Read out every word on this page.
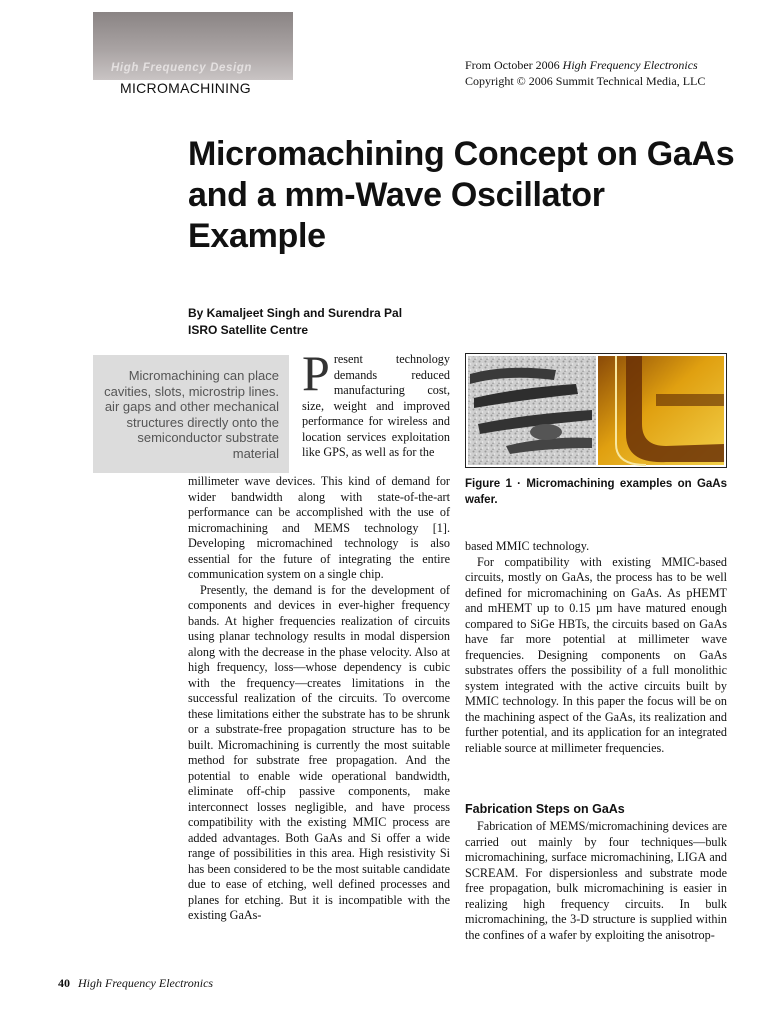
High Frequency Design
MICROMACHINING
From October 2006 High Frequency Electronics
Copyright © 2006 Summit Technical Media, LLC
Micromachining Concept on GaAs and a mm-Wave Oscillator Example
By Kamaljeet Singh and Surendra Pal
ISRO Satellite Centre
Micromachining can place cavities, slots, microstrip lines. air gaps and other mechanical structures directly onto the semiconductor substrate material
Present technology demands reduced manufacturing cost, size, weight and improved performance for wireless and location services exploitation like GPS, as well as for the

millimeter wave devices. This kind of demand for wider bandwidth along with state-of-the-art performance can be accomplished with the use of micromachining and MEMS technology [1]. Developing micromachined technology is also essential for the future of integrating the entire communication system on a single chip.

Presently, the demand is for the development of components and devices in ever-higher frequency bands. At higher frequencies realization of circuits using planar technology results in modal dispersion along with the decrease in the phase velocity. Also at high frequency, loss—whose dependency is cubic with the frequency—creates limitations in the successful realization of the circuits. To overcome these limitations either the substrate has to be shrunk or a substrate-free propagation structure has to be built. Micromachining is currently the most suitable method for substrate free propagation. And the potential to enable wide operational bandwidth, eliminate off-chip passive components, make interconnect losses negligible, and have process compatibility with the existing MMIC process are added advantages. Both GaAs and Si offer a wide range of possibilities in this area. High resistivity Si has been considered to be the most suitable candidate due to ease of etching, well defined processes and planes for etching. But it is incompatible with the existing GaAs-

Figure 1 · Micromachining examples on GaAs wafer.

based MMIC technology.

For compatibility with existing MMIC-based circuits, mostly on GaAs, the process has to be well defined for micromachining on GaAs. As pHEMT and mHEMT up to 0.15 µm have matured enough compared to SiGe HBTs, the circuits based on GaAs have far more potential at millimeter wave frequencies. Designing components on GaAs substrates offers the possibility of a full monolithic system integrated with the active circuits built by MMIC technology. In this paper the focus will be on the machining aspect of the GaAs, its realization and further potential, and its application for an integrated reliable source at millimeter frequencies.

Fabrication Steps on GaAs

Fabrication of MEMS/micromachining devices are carried out mainly by four techniques—bulk micromachining, surface micromachining, LIGA and SCREAM. For dispersionless and substrate mode free propagation, bulk micromachining is easier in realizing high frequency circuits. In bulk micromachining, the 3-D structure is supplied within the confines of a wafer by exploiting the anisotrop-

40 High Frequency Electronics
